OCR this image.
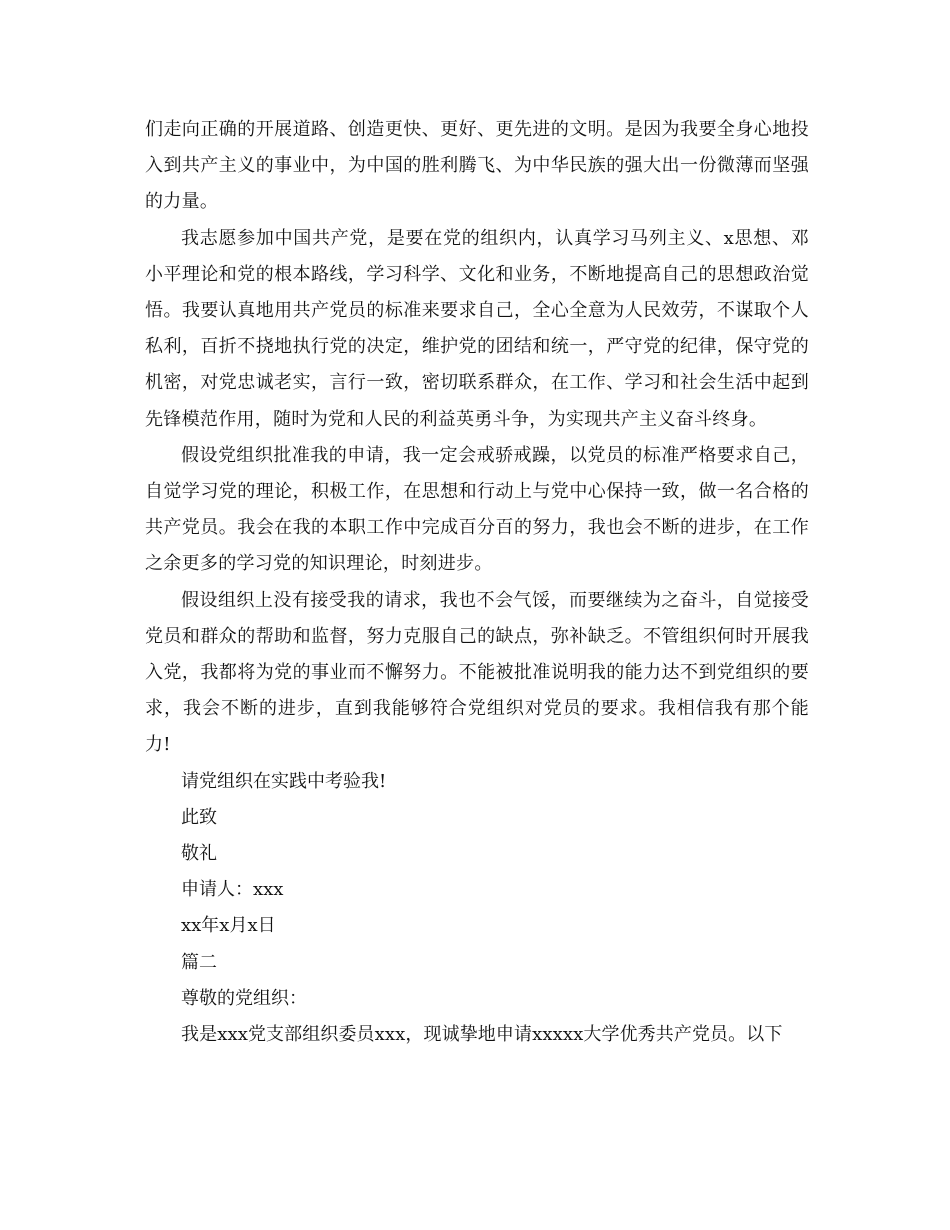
们走向正确的开展道路、创造更快、更好、更先进的文明。是因为我要全身心地投入到共产主义的事业中，为中国的胜利腾飞、为中华民族的强大出一份微薄而坚强的力量。

我志愿参加中国共产党，是要在党的组织内，认真学习马列主义、x思想、邓小平理论和党的根本路线，学习科学、文化和业务，不断地提高自己的思想政治觉悟。我要认真地用共产党员的标准来要求自己，全心全意为人民效劳，不谋取个人私利，百折不挠地执行党的决定，维护党的团结和统一，严守党的纪律，保守党的机密，对党忠诚老实，言行一致，密切联系群众，在工作、学习和社会生活中起到先锋模范作用，随时为党和人民的利益英勇斗争，为实现共产主义奋斗终身。

假设党组织批准我的申请，我一定会戒骄戒躁，以党员的标准严格要求自己，自觉学习党的理论，积极工作，在思想和行动上与党中心保持一致，做一名合格的共产党员。我会在我的本职工作中完成百分百的努力，我也会不断的进步，在工作之余更多的学习党的知识理论，时刻进步。

假设组织上没有接受我的请求，我也不会气馁，而要继续为之奋斗，自觉接受党员和群众的帮助和监督，努力克服自己的缺点，弥补缺乏。不管组织何时开展我入党，我都将为党的事业而不懈努力。不能被批准说明我的能力达不到党组织的要求，我会不断的进步，直到我能够符合党组织对党员的要求。我相信我有那个能力!

请党组织在实践中考验我!

此致

敬礼

申请人：xxx

xx年x月x日

篇二

尊敬的党组织：

我是xxx党支部组织委员xxx，现诚挚地申请xxxxx大学优秀共产党员。以下
